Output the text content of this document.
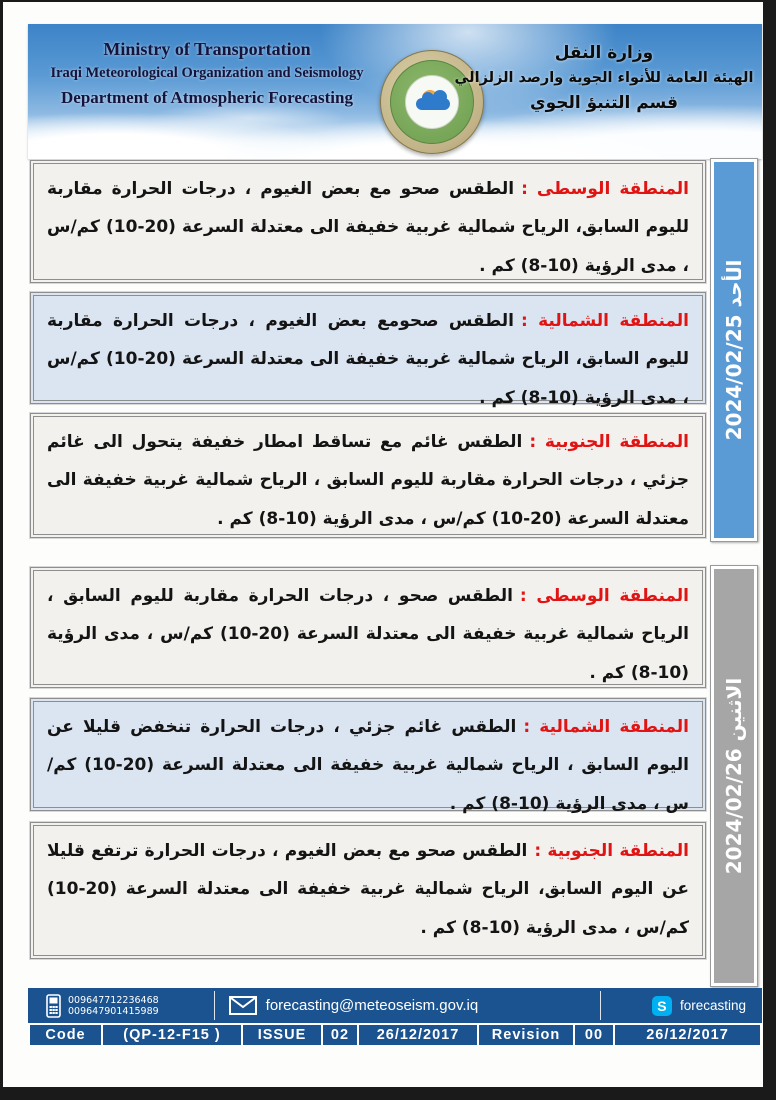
Ministry of Transportation
Iraqi Meteorological Organization and Seismology
Department of Atmospheric Forecasting
وزارة النقل
الهيئة العامة للأنواء الجوية وارصد الزلزالي
قسم التنبؤ الجوي
المنطقة الوسطى :الطقس صحو مع بعض الغيوم ، درجات الحرارة مقاربة لليوم السابق، الرياح شمالية غربية خفيفة الى معتدلة السرعة (20-10) كم/س ، مدى الرؤية (10-8) كم .
المنطقة الشمالية :الطقس صحومع بعض الغيوم ، درجات الحرارة مقاربة لليوم السابق، الرياح شمالية غربية خفيفة الى معتدلة السرعة (20-10) كم/س ، مدى الرؤية (10-8) كم .
المنطقة الجنوبية :الطقس غائم مع تساقط امطار خفيفة يتحول الى غائم جزئي ، درجات الحرارة مقاربة لليوم السابق ، الرياح شمالية غربية خفيفة الى معتدلة السرعة (20-10) كم/س ، مدى الرؤية (10-8) كم .
الأحد 2024/02/25
المنطقة الوسطى :الطقس صحو ، درجات الحرارة مقاربة لليوم السابق ، الرياح شمالية غربية خفيفة الى معتدلة السرعة (20-10) كم/س ، مدى الرؤية (10-8) كم .
المنطقة الشمالية :الطقس غائم جزئي ، درجات الحرارة تنخفض قليلا عن اليوم السابق ، الرياح شمالية غربية خفيفة الى معتدلة السرعة (20-10) كم/س ، مدى الرؤية (10-8) كم .
المنطقة الجنوبية :الطقس صحو مع بعض الغيوم ، درجات الحرارة ترتفع قليلا عن اليوم السابق، الرياح شمالية غربية خفيفة الى معتدلة السرعة (20-10) كم/س ، مدى الرؤية (10-8) كم .
الاثنين 2024/02/26
009647712236468
009647901415989	forecasting@meteoseism.gov.iq	S forecasting
Code	(QP-12-F15 )	ISSUE	02	26/12/2017	Revision	00	26/12/2017
